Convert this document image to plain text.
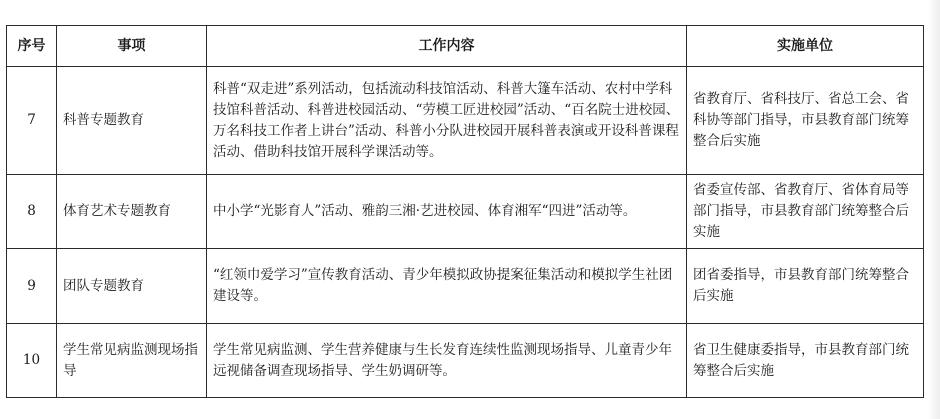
序号	事项	工作内容	实施单位
7	科普专题教育	科普“双走进”系列活动，包括流动科技馆活动、科普大篷车活动、农村中学科技馆科普活动、科普进校园活动、“劳模工匠进校园”活动、“百名院士进校园、万名科技工作者上讲台”活动、科普小分队进校园开展科普表演或开设科普课程活动、借助科技馆开展科学课活动等。	省教育厅、省科技厅、省总工会、省科协等部门指导，市县教育部门统筹整合后实施
8	体育艺术专题教育	中小学“光影育人”活动、雅韵三湘·艺进校园、体育湘军“四进”活动等。	省委宣传部、省教育厅、省体育局等部门指导，市县教育部门统筹整合后实施
9	团队专题教育	“红领巾爱学习”宣传教育活动、青少年模拟政协提案征集活动和模拟学生社团建设等。	团省委指导，市县教育部门统筹整合后实施
10	学生常见病监测现场指导	学生常见病监测、学生营养健康与生长发育连续性监测现场指导、儿童青少年远视储备调查现场指导、学生奶调研等。	省卫生健康委指导，市县教育部门统筹整合后实施
